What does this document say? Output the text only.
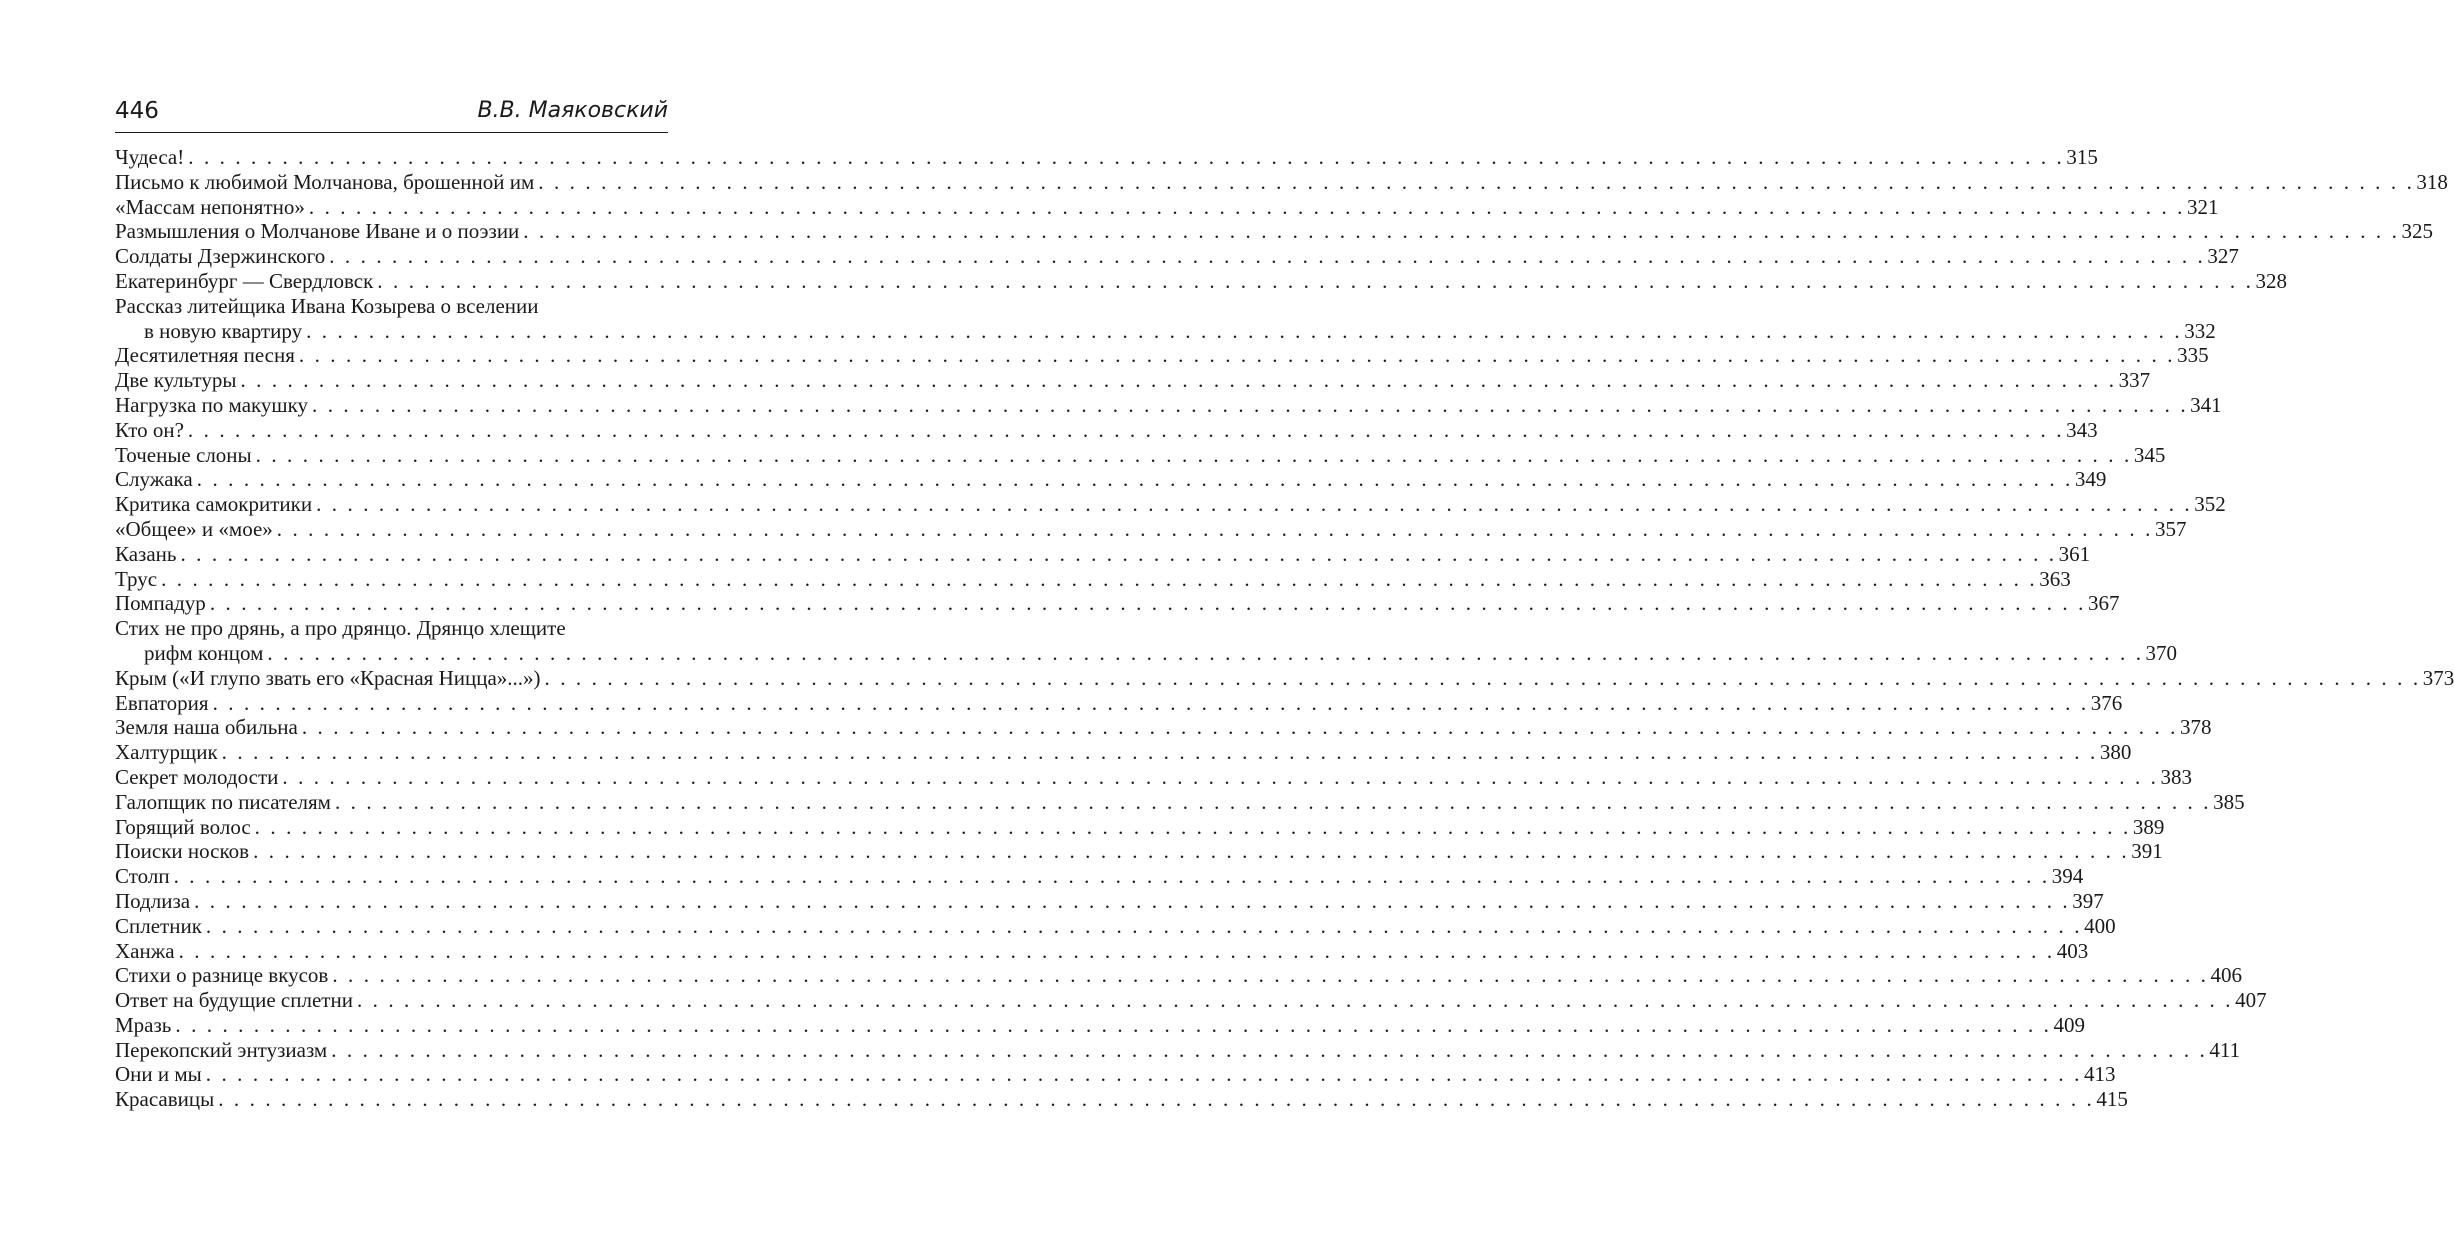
446	В.В. Маяковский
Чудеса! . . . . . . . . . . . . . . . . . . . . . . . . . . . . . . . . . . . . . . . . . . . . . . . . . . . . . . . . . . . . . . . . . . . . . . . . . . . . . . . . . . . . . . . . . . . . . . . . . . . . . . . . . . . . . . . . . . . . . . . . 315
Письмо к любимой Молчанова, брошенной им . . . . . . . . . . . . . . . . . . . . . . . . . . . . . . . . . . . . . . . . . . . . . . . . . . . . . . . . . . . . . . . . . . . . . . . . . . . . . . . . . . . . . . . . . . . . . . . . . . . . . . . . . . . . . . . . . . . . . . . . 318
«Массам непонятно» . . . . . . . . . . . . . . . . . . . . . . . . . . . . . . . . . . . . . . . . . . . . . . . . . . . . . . . . . . . . . . . . . . . . . . . . . . . . . . . . . . . . . . . . . . . . . . . . . . . . . . . . . . . . . . . . . . . . . . . . 321
Размышления о Молчанове Иване и о поэзии . . . . . . . . . . . . . . . . . . . . . . . . . . . . . . . . . . . . . . . . . . . . . . . . . . . . . . . . . . . . . . . . . . . . . . . . . . . . . . . . . . . . . . . . . . . . . . . . . . . . . . . . . . . . . . . . . . . . . . . . 325
Солдаты Дзержинского . . . . . . . . . . . . . . . . . . . . . . . . . . . . . . . . . . . . . . . . . . . . . . . . . . . . . . . . . . . . . . . . . . . . . . . . . . . . . . . . . . . . . . . . . . . . . . . . . . . . . . . . . . . . . . . . . . . . . . . . 327
Екатеринбург — Свердловск . . . . . . . . . . . . . . . . . . . . . . . . . . . . . . . . . . . . . . . . . . . . . . . . . . . . . . . . . . . . . . . . . . . . . . . . . . . . . . . . . . . . . . . . . . . . . . . . . . . . . . . . . . . . . . . . . . . . . . . . 328
Рассказ литейщика Ивана Козырева о вселении
в новую квартиру . . . . . . . . . . . . . . . . . . . . . . . . . . . . . . . . . . . . . . . . . . . . . . . . . . . . . . . . . . . . . . . . . . . . . . . . . . . . . . . . . . . . . . . . . . . . . . . . . . . . . . . . . . . . . . . . . . . . . . . . 332
Десятилетняя песня . . . . . . . . . . . . . . . . . . . . . . . . . . . . . . . . . . . . . . . . . . . . . . . . . . . . . . . . . . . . . . . . . . . . . . . . . . . . . . . . . . . . . . . . . . . . . . . . . . . . . . . . . . . . . . . . . . . . . . . . 335
Две культуры . . . . . . . . . . . . . . . . . . . . . . . . . . . . . . . . . . . . . . . . . . . . . . . . . . . . . . . . . . . . . . . . . . . . . . . . . . . . . . . . . . . . . . . . . . . . . . . . . . . . . . . . . . . . . . . . . . . . . . . . 337
Нагрузка по макушку . . . . . . . . . . . . . . . . . . . . . . . . . . . . . . . . . . . . . . . . . . . . . . . . . . . . . . . . . . . . . . . . . . . . . . . . . . . . . . . . . . . . . . . . . . . . . . . . . . . . . . . . . . . . . . . . . . . . . . . . 341
Кто он? . . . . . . . . . . . . . . . . . . . . . . . . . . . . . . . . . . . . . . . . . . . . . . . . . . . . . . . . . . . . . . . . . . . . . . . . . . . . . . . . . . . . . . . . . . . . . . . . . . . . . . . . . . . . . . . . . . . . . . . . 343
Точеные слоны . . . . . . . . . . . . . . . . . . . . . . . . . . . . . . . . . . . . . . . . . . . . . . . . . . . . . . . . . . . . . . . . . . . . . . . . . . . . . . . . . . . . . . . . . . . . . . . . . . . . . . . . . . . . . . . . . . . . . . . . 345
Служака . . . . . . . . . . . . . . . . . . . . . . . . . . . . . . . . . . . . . . . . . . . . . . . . . . . . . . . . . . . . . . . . . . . . . . . . . . . . . . . . . . . . . . . . . . . . . . . . . . . . . . . . . . . . . . . . . . . . . . . . 349
Критика самокритики . . . . . . . . . . . . . . . . . . . . . . . . . . . . . . . . . . . . . . . . . . . . . . . . . . . . . . . . . . . . . . . . . . . . . . . . . . . . . . . . . . . . . . . . . . . . . . . . . . . . . . . . . . . . . . . . . . . . . . . . 352
«Общее» и «мое» . . . . . . . . . . . . . . . . . . . . . . . . . . . . . . . . . . . . . . . . . . . . . . . . . . . . . . . . . . . . . . . . . . . . . . . . . . . . . . . . . . . . . . . . . . . . . . . . . . . . . . . . . . . . . . . . . . . . . . . . 357
Казань . . . . . . . . . . . . . . . . . . . . . . . . . . . . . . . . . . . . . . . . . . . . . . . . . . . . . . . . . . . . . . . . . . . . . . . . . . . . . . . . . . . . . . . . . . . . . . . . . . . . . . . . . . . . . . . . . . . . . . . . 361
Трус . . . . . . . . . . . . . . . . . . . . . . . . . . . . . . . . . . . . . . . . . . . . . . . . . . . . . . . . . . . . . . . . . . . . . . . . . . . . . . . . . . . . . . . . . . . . . . . . . . . . . . . . . . . . . . . . . . . . . . . . 363
Помпадур . . . . . . . . . . . . . . . . . . . . . . . . . . . . . . . . . . . . . . . . . . . . . . . . . . . . . . . . . . . . . . . . . . . . . . . . . . . . . . . . . . . . . . . . . . . . . . . . . . . . . . . . . . . . . . . . . . . . . . . . 367
Стих не про дрянь, а про дрянцо. Дрянцо хлещите
рифм концом . . . . . . . . . . . . . . . . . . . . . . . . . . . . . . . . . . . . . . . . . . . . . . . . . . . . . . . . . . . . . . . . . . . . . . . . . . . . . . . . . . . . . . . . . . . . . . . . . . . . . . . . . . . . . . . . . . . . . . . . 370
Крым («И глупо звать его «Красная Ницца»...») . . . . . . . . . . . . . . . . . . . . . . . . . . . . . . . . . . . . . . . . . . . . . . . . . . . . . . . . . . . . . . . . . . . . . . . . . . . . . . . . . . . . . . . . . . . . . . . . . . . . . . . . . . . . . . . . . . . . . . . . 373
Евпатория . . . . . . . . . . . . . . . . . . . . . . . . . . . . . . . . . . . . . . . . . . . . . . . . . . . . . . . . . . . . . . . . . . . . . . . . . . . . . . . . . . . . . . . . . . . . . . . . . . . . . . . . . . . . . . . . . . . . . . . . 376
Земля наша обильна . . . . . . . . . . . . . . . . . . . . . . . . . . . . . . . . . . . . . . . . . . . . . . . . . . . . . . . . . . . . . . . . . . . . . . . . . . . . . . . . . . . . . . . . . . . . . . . . . . . . . . . . . . . . . . . . . . . . . . . . 378
Халтурщик . . . . . . . . . . . . . . . . . . . . . . . . . . . . . . . . . . . . . . . . . . . . . . . . . . . . . . . . . . . . . . . . . . . . . . . . . . . . . . . . . . . . . . . . . . . . . . . . . . . . . . . . . . . . . . . . . . . . . . . . 380
Секрет молодости . . . . . . . . . . . . . . . . . . . . . . . . . . . . . . . . . . . . . . . . . . . . . . . . . . . . . . . . . . . . . . . . . . . . . . . . . . . . . . . . . . . . . . . . . . . . . . . . . . . . . . . . . . . . . . . . . . . . . . . . 383
Галопщик по писателям . . . . . . . . . . . . . . . . . . . . . . . . . . . . . . . . . . . . . . . . . . . . . . . . . . . . . . . . . . . . . . . . . . . . . . . . . . . . . . . . . . . . . . . . . . . . . . . . . . . . . . . . . . . . . . . . . . . . . . . . 385
Горящий волос . . . . . . . . . . . . . . . . . . . . . . . . . . . . . . . . . . . . . . . . . . . . . . . . . . . . . . . . . . . . . . . . . . . . . . . . . . . . . . . . . . . . . . . . . . . . . . . . . . . . . . . . . . . . . . . . . . . . . . . . 389
Поиски носков . . . . . . . . . . . . . . . . . . . . . . . . . . . . . . . . . . . . . . . . . . . . . . . . . . . . . . . . . . . . . . . . . . . . . . . . . . . . . . . . . . . . . . . . . . . . . . . . . . . . . . . . . . . . . . . . . . . . . . . . 391
Столп . . . . . . . . . . . . . . . . . . . . . . . . . . . . . . . . . . . . . . . . . . . . . . . . . . . . . . . . . . . . . . . . . . . . . . . . . . . . . . . . . . . . . . . . . . . . . . . . . . . . . . . . . . . . . . . . . . . . . . . . 394
Подлиза . . . . . . . . . . . . . . . . . . . . . . . . . . . . . . . . . . . . . . . . . . . . . . . . . . . . . . . . . . . . . . . . . . . . . . . . . . . . . . . . . . . . . . . . . . . . . . . . . . . . . . . . . . . . . . . . . . . . . . . . 397
Сплетник . . . . . . . . . . . . . . . . . . . . . . . . . . . . . . . . . . . . . . . . . . . . . . . . . . . . . . . . . . . . . . . . . . . . . . . . . . . . . . . . . . . . . . . . . . . . . . . . . . . . . . . . . . . . . . . . . . . . . . . . 400
Ханжа . . . . . . . . . . . . . . . . . . . . . . . . . . . . . . . . . . . . . . . . . . . . . . . . . . . . . . . . . . . . . . . . . . . . . . . . . . . . . . . . . . . . . . . . . . . . . . . . . . . . . . . . . . . . . . . . . . . . . . . . 403
Стихи о разнице вкусов . . . . . . . . . . . . . . . . . . . . . . . . . . . . . . . . . . . . . . . . . . . . . . . . . . . . . . . . . . . . . . . . . . . . . . . . . . . . . . . . . . . . . . . . . . . . . . . . . . . . . . . . . . . . . . . . . . . . . . . . 406
Ответ на будущие сплетни . . . . . . . . . . . . . . . . . . . . . . . . . . . . . . . . . . . . . . . . . . . . . . . . . . . . . . . . . . . . . . . . . . . . . . . . . . . . . . . . . . . . . . . . . . . . . . . . . . . . . . . . . . . . . . . . . . . . . . . . 407
Мразь . . . . . . . . . . . . . . . . . . . . . . . . . . . . . . . . . . . . . . . . . . . . . . . . . . . . . . . . . . . . . . . . . . . . . . . . . . . . . . . . . . . . . . . . . . . . . . . . . . . . . . . . . . . . . . . . . . . . . . . . 409
Перекопский энтузиазм . . . . . . . . . . . . . . . . . . . . . . . . . . . . . . . . . . . . . . . . . . . . . . . . . . . . . . . . . . . . . . . . . . . . . . . . . . . . . . . . . . . . . . . . . . . . . . . . . . . . . . . . . . . . . . . . . . . . . . . . 411
Они и мы . . . . . . . . . . . . . . . . . . . . . . . . . . . . . . . . . . . . . . . . . . . . . . . . . . . . . . . . . . . . . . . . . . . . . . . . . . . . . . . . . . . . . . . . . . . . . . . . . . . . . . . . . . . . . . . . . . . . . . . . 413
Красавицы . . . . . . . . . . . . . . . . . . . . . . . . . . . . . . . . . . . . . . . . . . . . . . . . . . . . . . . . . . . . . . . . . . . . . . . . . . . . . . . . . . . . . . . . . . . . . . . . . . . . . . . . . . . . . . . . . . . . . . . . 415
